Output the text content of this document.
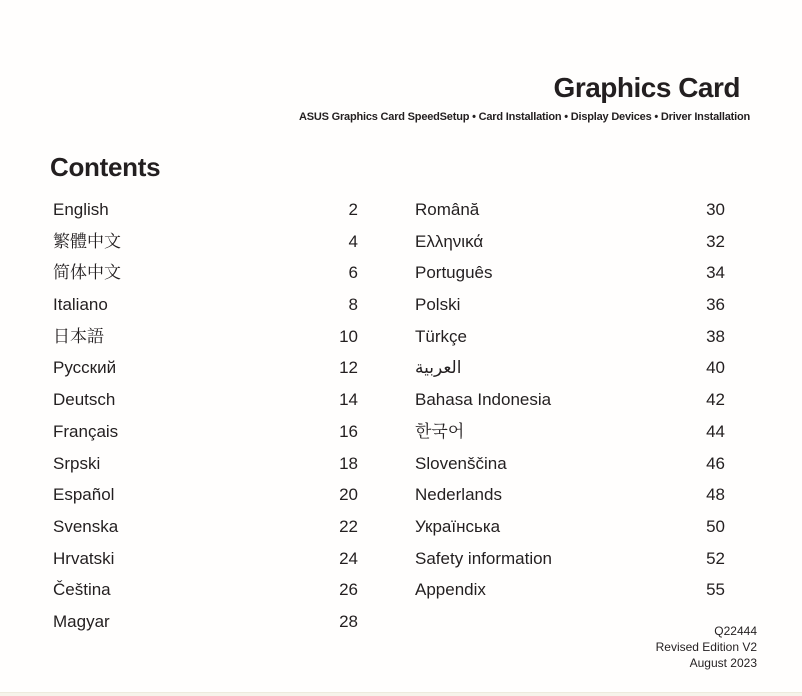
Graphics Card
ASUS Graphics Card SpeedSetup • Card Installation • Display Devices • Driver Installation
Contents
English	2
繁體中文	4
简体中文	6
Italiano	8
日本語	10
Русский	12
Deutsch	14
Français	16
Srpski	18
Español	20
Svenska	22
Hrvatski	24
Čeština	26
Magyar	28
Română	30
Ελληνικά	32
Português	34
Polski	36
Türkçe	38
العربية	40
Bahasa Indonesia	42
한국어	44
Slovenščina	46
Nederlands	48
Українська	50
Safety information	52
Appendix	55
Q22444
Revised Edition V2
August 2023
